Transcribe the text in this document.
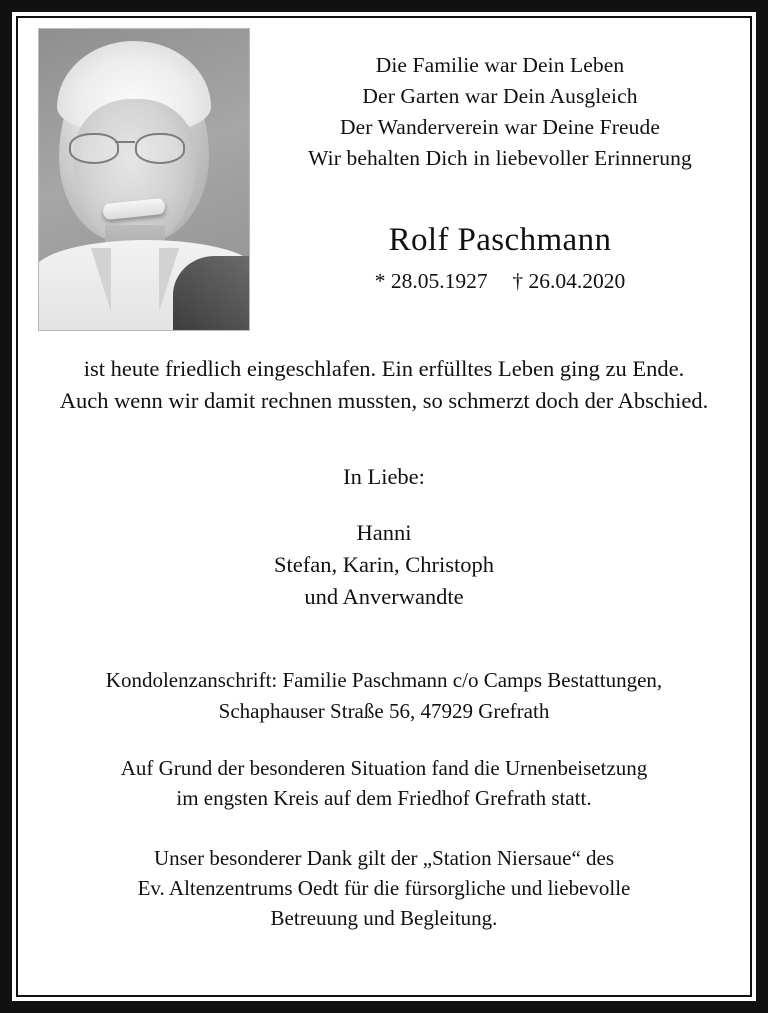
Die Familie war Dein Leben
Der Garten war Dein Ausgleich
Der Wanderverein war Deine Freude
Wir behalten Dich in liebevoller Erinnerung
Rolf Paschmann
* 28.05.1927 † 26.04.2020
ist heute friedlich eingeschlafen. Ein erfülltes Leben ging zu Ende. Auch wenn wir damit rechnen mussten, so schmerzt doch der Abschied.
In Liebe:
Hanni
Stefan, Karin, Christoph
und Anverwandte
Kondolenzanschrift: Familie Paschmann c/o Camps Bestattungen,
Schaphauser Straße 56, 47929 Grefrath
Auf Grund der besonderen Situation fand die Urnenbeisetzung
im engsten Kreis auf dem Friedhof Grefrath statt.
Unser besonderer Dank gilt der „Station Niersaue“ des
Ev. Altenzentrums Oedt für die fürsorgliche und liebevolle
Betreuung und Begleitung.
